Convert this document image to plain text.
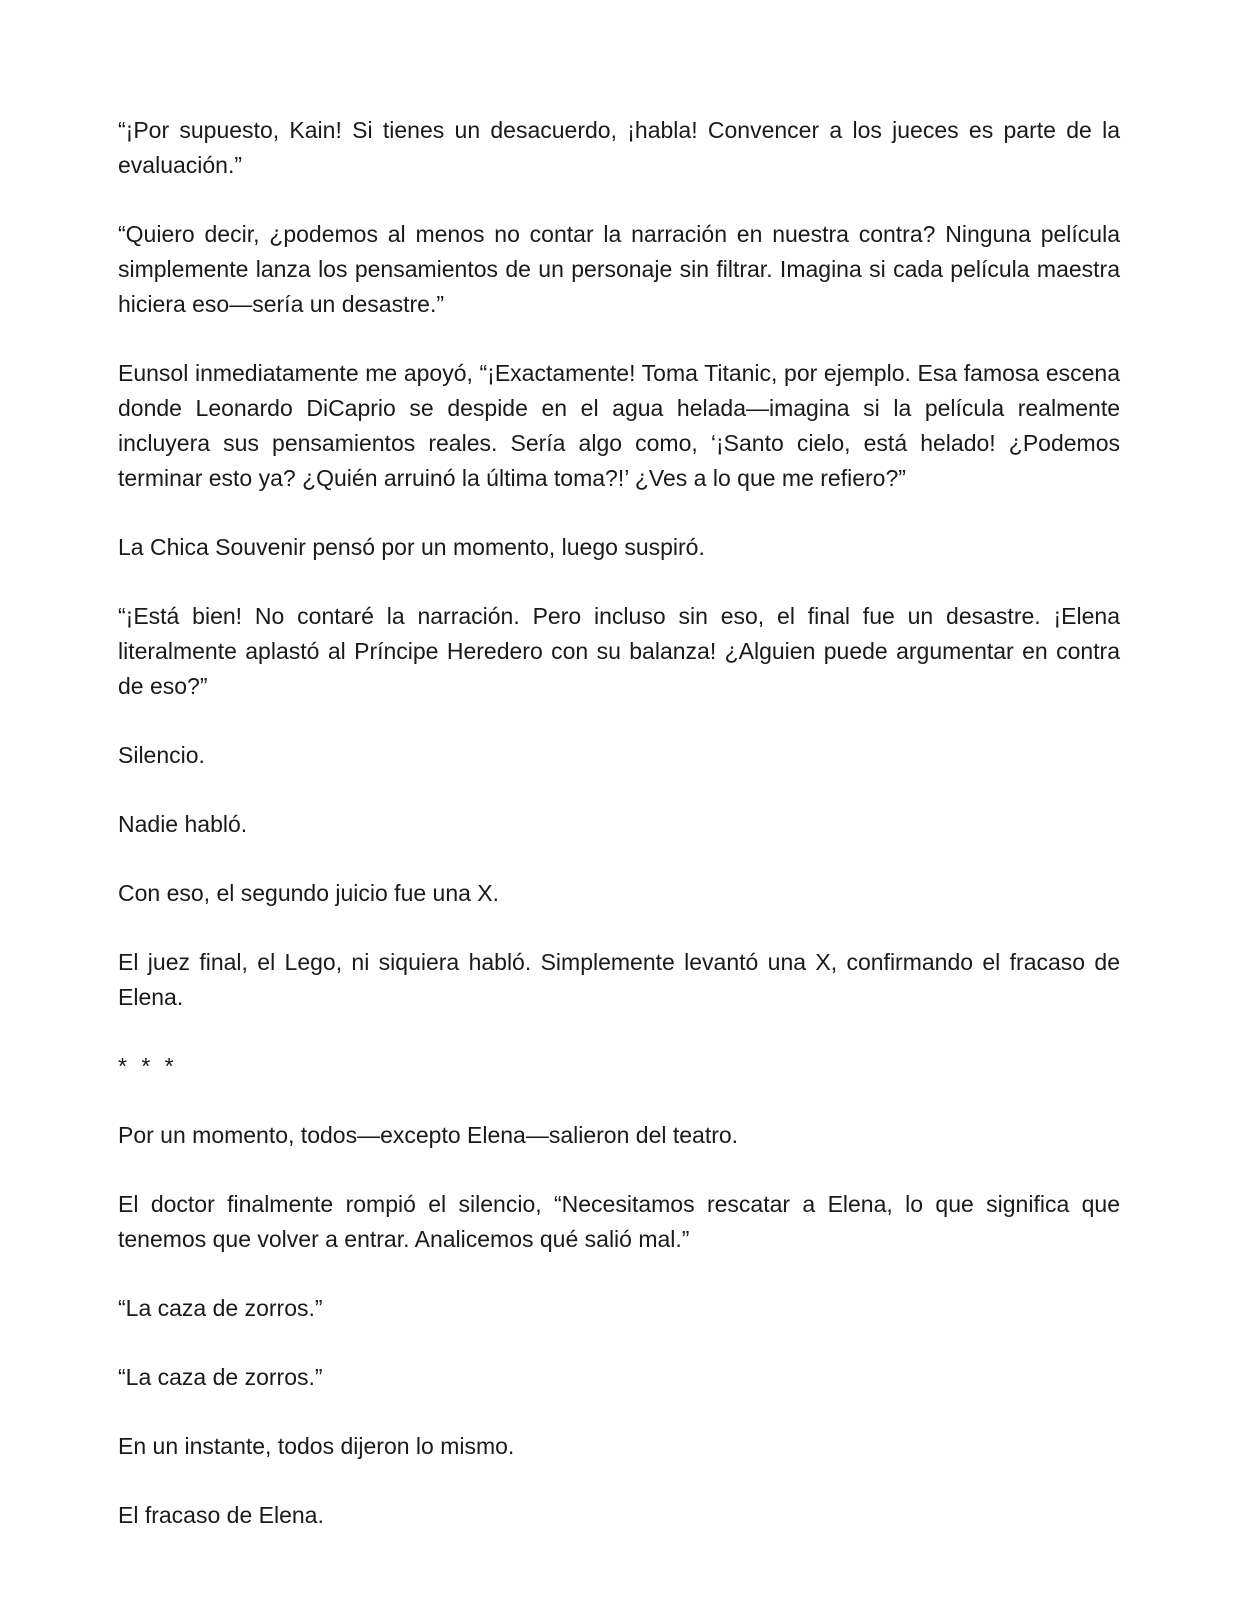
“¡Por supuesto, Kain! Si tienes un desacuerdo, ¡habla! Convencer a los jueces es parte de la evaluación.”

“Quiero decir, ¿podemos al menos no contar la narración en nuestra contra? Ninguna película simplemente lanza los pensamientos de un personaje sin filtrar. Imagina si cada película maestra hiciera eso—sería un desastre.”

Eunsol inmediatamente me apoyó, “¡Exactamente! Toma Titanic, por ejemplo. Esa famosa escena donde Leonardo DiCaprio se despide en el agua helada—imagina si la película realmente incluyera sus pensamientos reales. Sería algo como, ‘¡Santo cielo, está helado! ¿Podemos terminar esto ya? ¿Quién arruinó la última toma?!’ ¿Ves a lo que me refiero?”

La Chica Souvenir pensó por un momento, luego suspiró.

“¡Está bien! No contaré la narración. Pero incluso sin eso, el final fue un desastre. ¡Elena literalmente aplastó al Príncipe Heredero con su balanza! ¿Alguien puede argumentar en contra de eso?”

Silencio.

Nadie habló.

Con eso, el segundo juicio fue una X.

El juez final, el Lego, ni siquiera habló. Simplemente levantó una X, confirmando el fracaso de Elena.

* * *

Por un momento, todos—excepto Elena—salieron del teatro.

El doctor finalmente rompió el silencio, “Necesitamos rescatar a Elena, lo que significa que tenemos que volver a entrar. Analicemos qué salió mal.”

“La caza de zorros.”

“La caza de zorros.”

En un instante, todos dijeron lo mismo.

El fracaso de Elena.
